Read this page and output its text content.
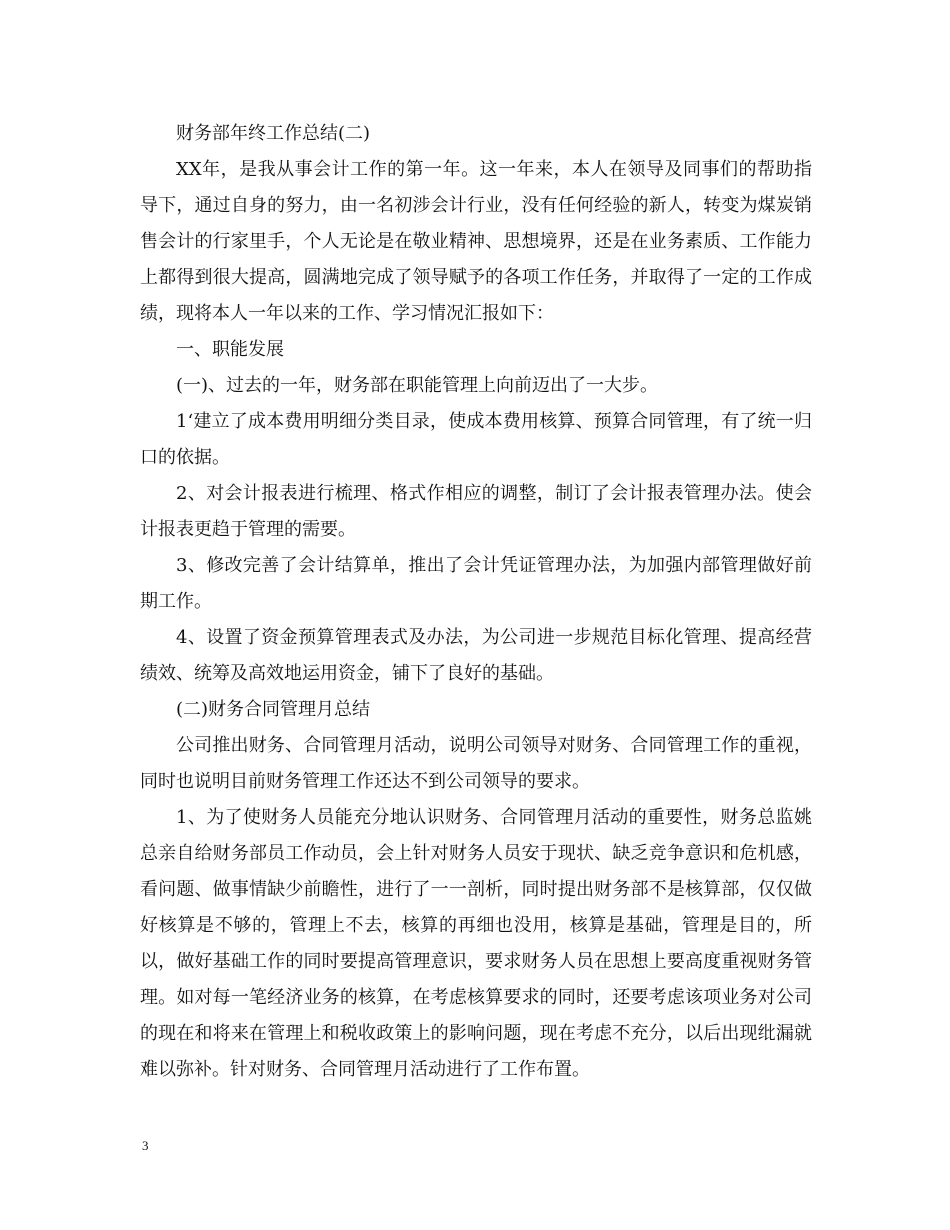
财务部年终工作总结(二)

XX年，是我从事会计工作的第一年。这一年来，本人在领导及同事们的帮助指导下，通过自身的努力，由一名初涉会计行业，没有任何经验的新人，转变为煤炭销售会计的行家里手，个人无论是在敬业精神、思想境界，还是在业务素质、工作能力上都得到很大提高，圆满地完成了领导赋予的各项工作任务，并取得了一定的工作成绩，现将本人一年以来的工作、学习情况汇报如下：

一、职能发展

(一)、过去的一年，财务部在职能管理上向前迈出了一大步。

1‘建立了成本费用明细分类目录，使成本费用核算、预算合同管理，有了统一归口的依据。

2、对会计报表进行梳理、格式作相应的调整，制订了会计报表管理办法。使会计报表更趋于管理的需要。

3、修改完善了会计结算单，推出了会计凭证管理办法，为加强内部管理做好前期工作。

4、设置了资金预算管理表式及办法，为公司进一步规范目标化管理、提高经营绩效、统筹及高效地运用资金，铺下了良好的基础。

(二)财务合同管理月总结

公司推出财务、合同管理月活动，说明公司领导对财务、合同管理工作的重视，同时也说明目前财务管理工作还达不到公司领导的要求。

1、为了使财务人员能充分地认识财务、合同管理月活动的重要性，财务总监姚总亲自给财务部员工作动员，会上针对财务人员安于现状、缺乏竞争意识和危机感，看问题、做事情缺少前瞻性，进行了一一剖析，同时提出财务部不是核算部，仅仅做好核算是不够的，管理上不去，核算的再细也没用，核算是基础，管理是目的，所以，做好基础工作的同时要提高管理意识，要求财务人员在思想上要高度重视财务管理。如对每一笔经济业务的核算，在考虑核算要求的同时，还要考虑该项业务对公司的现在和将来在管理上和税收政策上的影响问题，现在考虑不充分，以后出现纰漏就难以弥补。针对财务、合同管理月活动进行了工作布置。

3
